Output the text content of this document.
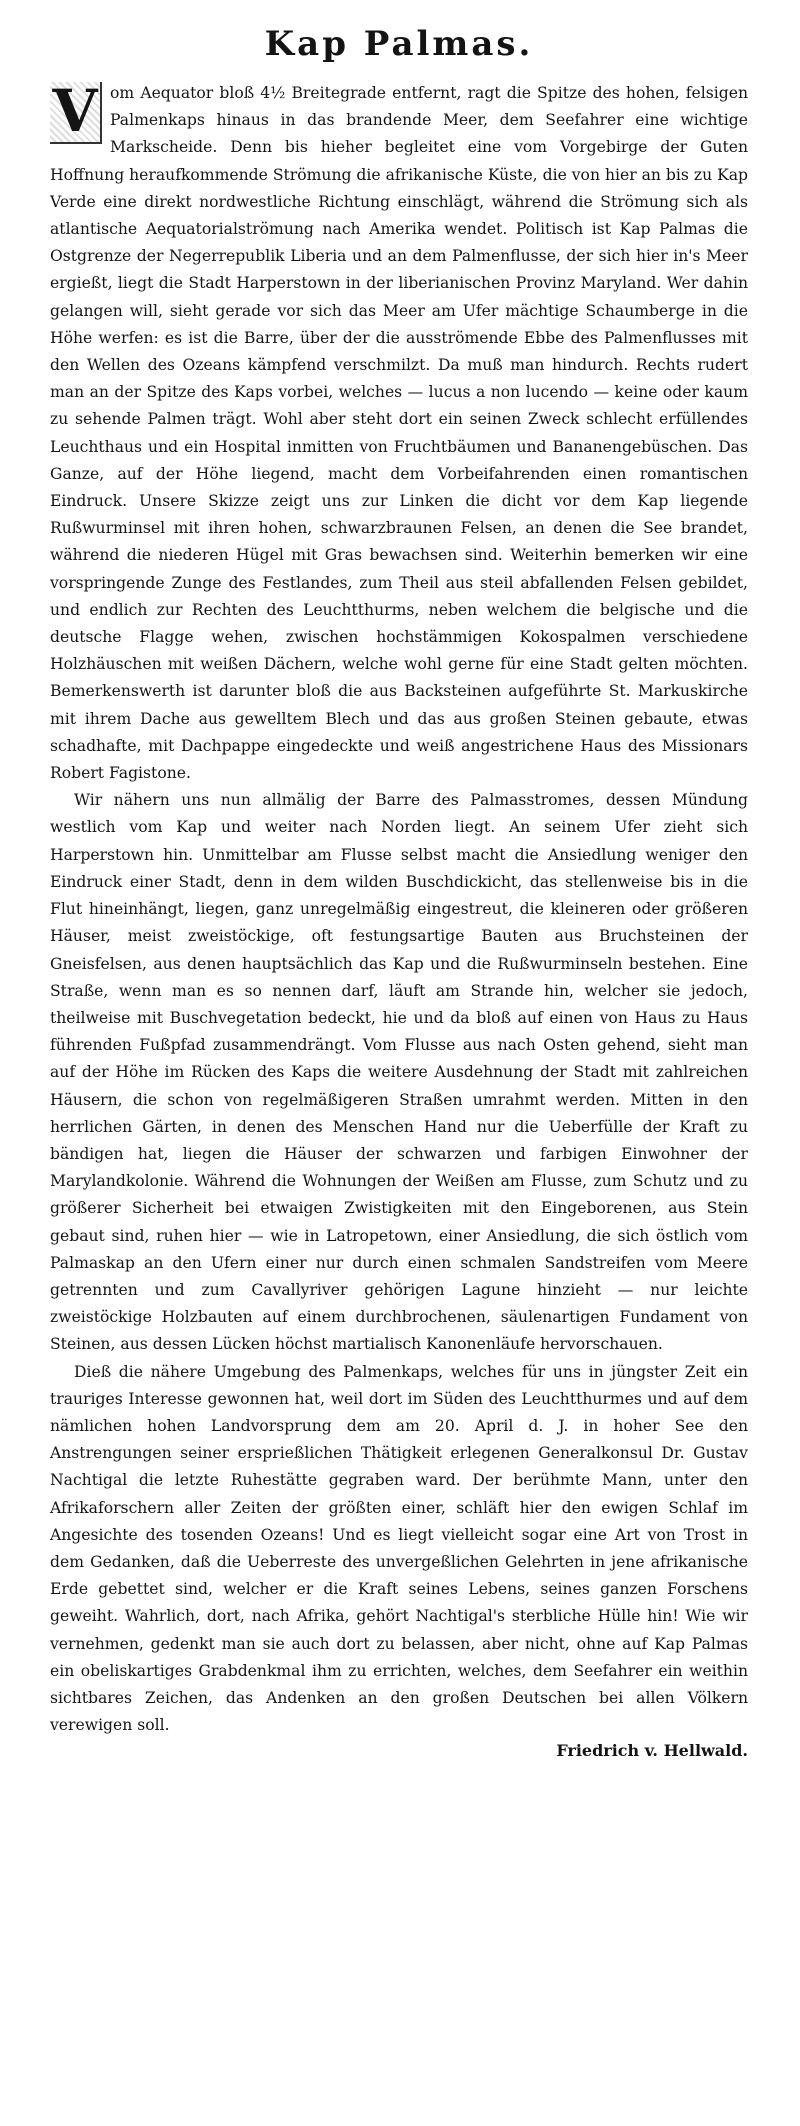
Kap Palmas.

V om Aequator bloß 4½ Breitegrade entfernt, ragt die Spitze des hohen, felsigen Palmenkaps hinaus in das brandende Meer, dem Seefahrer eine wichtige Markscheide. Denn bis hieher begleitet eine vom Vorgebirge der Guten Hoffnung heraufkommende Strömung die afrikanische Küste, die von hier an bis zu Kap Verde eine direkt nordwestliche Richtung einschlägt, während die Strömung sich als atlantische Aequatorialströmung nach Amerika wendet. Politisch ist Kap Palmas die Ostgrenze der Negerrepublik Liberia und an dem Palmenflusse, der sich hier in's Meer ergießt, liegt die Stadt Harperstown in der liberianischen Provinz Maryland. Wer dahin gelangen will, sieht gerade vor sich das Meer am Ufer mächtige Schaumberge in die Höhe werfen: es ist die Barre, über der die ausströmende Ebbe des Palmenflusses mit den Wellen des Ozeans kämpfend verschmilzt. Da muß man hindurch. Rechts rudert man an der Spitze des Kaps vorbei, welches — lucus a non lucendo — keine oder kaum zu sehende Palmen trägt. Wohl aber steht dort ein seinen Zweck schlecht erfüllendes Leuchthaus und ein Hospital inmitten von Fruchtbäumen und Bananengebüschen. Das Ganze, auf der Höhe liegend, macht dem Vorbeifahrenden einen romantischen Eindruck. Unsere Skizze zeigt uns zur Linken die dicht vor dem Kap liegende Rußwurminsel mit ihren hohen, schwarzbraunen Felsen, an denen die See brandet, während die niederen Hügel mit Gras bewachsen sind. Weiterhin bemerken wir eine vorspringende Zunge des Festlandes, zum Theil aus steil abfallenden Felsen gebildet, und endlich zur Rechten des Leuchtthurms, neben welchem die belgische und die deutsche Flagge wehen, zwischen hochstämmigen Kokospalmen verschiedene Holzhäuschen mit weißen Dächern, welche wohl gerne für eine Stadt gelten möchten. Bemerkenswerth ist darunter bloß die aus Backsteinen aufgeführte St. Markuskirche mit ihrem Dache aus gewelltem Blech und das aus großen Steinen gebaute, etwas schadhafte, mit Dachpappe eingedeckte und weiß angestrichene Haus des Missionars Robert Fagistone.

Wir nähern uns nun allmälig der Barre des Palmasstromes, dessen Mündung westlich vom Kap und weiter nach Norden liegt. An seinem Ufer zieht sich Harperstown hin. Unmittelbar am Flusse selbst macht die Ansiedlung weniger den Eindruck einer Stadt, denn in dem wilden Buschdickicht, das stellenweise bis in die Flut hineinhängt, liegen, ganz unregelmäßig eingestreut, die kleineren oder größeren Häuser, meist zweistöckige, oft festungsartige Bauten aus Bruchsteinen der Gneisfelsen, aus denen hauptsächlich das Kap und die Rußwurminseln bestehen. Eine Straße, wenn man es so nennen darf, läuft am Strande hin, welcher sie jedoch, theilweise mit Buschvegetation bedeckt, hie und da bloß auf einen von Haus zu Haus führenden Fußpfad zusammendrängt. Vom Flusse aus nach Osten gehend, sieht man auf der Höhe im Rücken des Kaps die weitere Ausdehnung der Stadt mit zahlreichen Häusern, die schon von regelmäßigeren Straßen umrahmt werden. Mitten in den herrlichen Gärten, in denen des Menschen Hand nur die Ueberfülle der Kraft zu bändigen hat, liegen die Häuser der schwarzen und farbigen Einwohner der Marylandkolonie. Während die Wohnungen der Weißen am Flusse, zum Schutz und zu größerer Sicherheit bei etwaigen Zwistigkeiten mit den Eingeborenen, aus Stein gebaut sind, ruhen hier — wie in Latropetown, einer Ansiedlung, die sich östlich vom Palmaskap an den Ufern einer nur durch einen schmalen Sandstreifen vom Meere getrennten und zum Cavallyriver gehörigen Lagune hinzieht — nur leichte zweistöckige Holzbauten auf einem durchbrochenen, säulenartigen Fundament von Steinen, aus dessen Lücken höchst martialisch Kanonenläufe hervorschauen.

Dieß die nähere Umgebung des Palmenkaps, welches für uns in jüngster Zeit ein trauriges Interesse gewonnen hat, weil dort im Süden des Leuchtthurmes und auf dem nämlichen hohen Landvorsprung dem am 20. April d. J. in hoher See den Anstrengungen seiner ersprießlichen Thätigkeit erlegenen Generalkonsul Dr. Gustav Nachtigal die letzte Ruhestätte gegraben ward. Der berühmte Mann, unter den Afrikaforschern aller Zeiten der größten einer, schläft hier den ewigen Schlaf im Angesichte des tosenden Ozeans! Und es liegt vielleicht sogar eine Art von Trost in dem Gedanken, daß die Ueberreste des unvergeßlichen Gelehrten in jene afrikanische Erde gebettet sind, welcher er die Kraft seines Lebens, seines ganzen Forschens geweiht. Wahrlich, dort, nach Afrika, gehört Nachtigal's sterbliche Hülle hin! Wie wir vernehmen, gedenkt man sie auch dort zu belassen, aber nicht, ohne auf Kap Palmas ein obeliskartiges Grabdenkmal ihm zu errichten, welches, dem Seefahrer ein weithin sichtbares Zeichen, das Andenken an den großen Deutschen bei allen Völkern verewigen soll.

Friedrich v. Hellwald.
